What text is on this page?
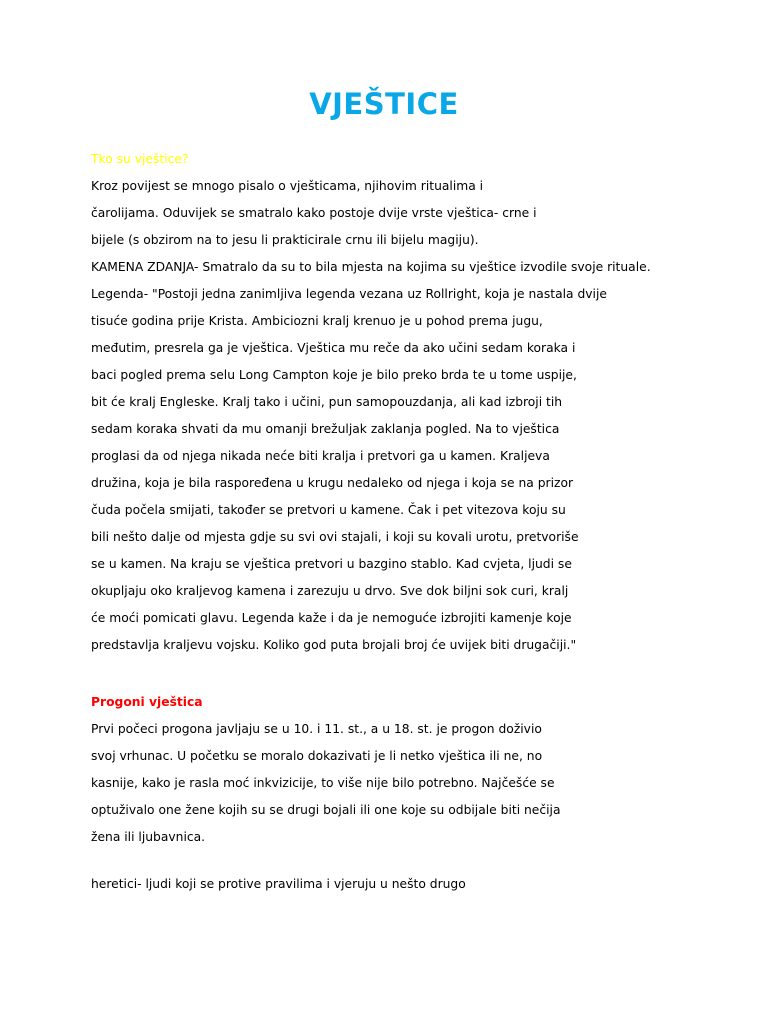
VJEŠTICE
Tko su vještice?
Kroz povijest se mnogo pisalo o vješticama, njihovim ritualima i
čarolijama. Oduvijek se smatralo kako postoje dvije vrste vještica- crne i
bijele (s obzirom na to jesu li prakticirale crnu ili bijelu magiju).
KAMENA ZDANJA- Smatralo da su to bila mjesta na kojima su vještice izvodile svoje rituale.
Legenda- "Postoji jedna zanimljiva legenda vezana uz Rollright, koja je nastala dvije
tisuće godina prije Krista. Ambiciozni kralj krenuo je u pohod prema jugu,
međutim, presrela ga je vještica. Vještica mu reče da ako učini sedam koraka i
baci pogled prema selu Long Campton koje je bilo preko brda te u tome uspije,
bit će kralj Engleske. Kralj tako i učini, pun samopouzdanja, ali kad izbroji tih
sedam koraka shvati da mu omanji brežuljak zaklanja pogled. Na to vještica
proglasi da od njega nikada neće biti kralja i pretvori ga u kamen. Kraljeva
družina, koja je bila raspoređena u krugu nedaleko od njega i koja se na prizor
čuda počela smijati, također se pretvori u kamene. Čak i pet vitezova koju su
bili nešto dalje od mjesta gdje su svi ovi stajali, i koji su kovali urotu, pretvoriše
se u kamen. Na kraju se vještica pretvori u bazgino stablo. Kad cvjeta, ljudi se
okupljaju oko kraljevog kamena i zarezuju u drvo. Sve dok biljni sok curi, kralj
će moći pomicati glavu. Legenda kaže i da je nemoguće izbrojiti kamenje koje
predstavlja kraljevu vojsku. Koliko god puta brojali broj će uvijek biti drugačiji."
Progoni vještica
Prvi počeci progona javljaju se u 10. i 11. st., a u 18. st. je progon doživio
svoj vrhunac. U početku se moralo dokazivati je li netko vještica ili ne, no
kasnije, kako je rasla moć inkvizicije, to više nije bilo potrebno. Najčešće se
optuživalo one žene kojih su se drugi bojali ili one koje su odbijale biti nečija
žena ili ljubavnica.
heretici- ljudi koji se protive pravilima i vjeruju u nešto drugo
